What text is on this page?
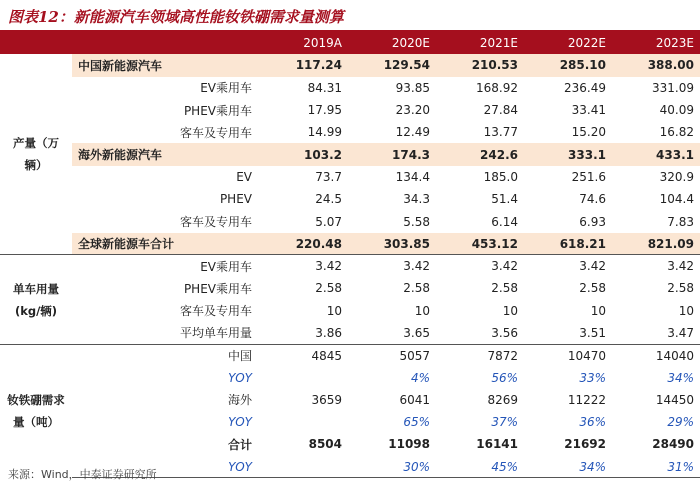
图表12：新能源汽车领域高性能钕铁硼需求量测算
		2019A	2020E	2021E	2022E	2023E
产量（万辆）	中国新能源汽车	117.24	129.54	210.53	285.10	388.00
	EV乘用车	84.31	93.85	168.92	236.49	331.09
	PHEV乘用车	17.95	23.20	27.84	33.41	40.09
	客车及专用车	14.99	12.49	13.77	15.20	16.82
	海外新能源汽车	103.2	174.3	242.6	333.1	433.1
	EV	73.7	134.4	185.0	251.6	320.9
	PHEV	24.5	34.3	51.4	74.6	104.4
	客车及专用车	5.07	5.58	6.14	6.93	7.83
	全球新能源车合计	220.48	303.85	453.12	618.21	821.09
单车用量
(kg/辆)	EV乘用车	3.42	3.42	3.42	3.42	3.42
	PHEV乘用车	2.58	2.58	2.58	2.58	2.58
	客车及专用车	10	10	10	10	10
	平均单车用量	3.86	3.65	3.56	3.51	3.47
钕铁硼需求
量（吨）	中国	4845	5057	7872	10470	14040
	YOY		4%	56%	33%	34%
	海外	3659	6041	8269	11222	14450
	YOY		65%	37%	36%	29%
	合计	8504	11098	16141	21692	28490
	YOY		30%	45%	34%	31%
来源：Wind，中泰证券研究所
